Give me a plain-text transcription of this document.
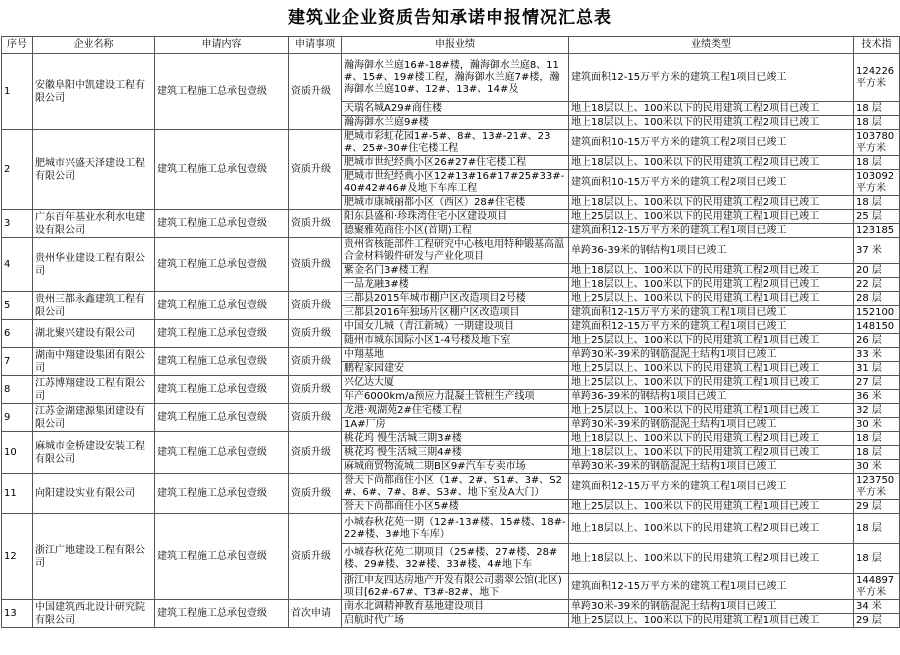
建筑业企业资质告知承诺申报情况汇总表
序号	企业名称	申请内容	申请事项	申报业绩	业绩类型	技术指
1	安徽阜阳中凯建设工程有限公司	建筑工程施工总承包壹级	资质升级	瀚海御水兰庭16#-18#楼，瀚海御水兰庭8、11#、15#、19#楼工程，瀚海御水兰庭7#楼，瀚海御水兰庭10#、12#、13#、14#及	建筑面积12-15万平方米的建筑工程1项目已竣工	124226平方米
				天瑞名城A29#商住楼	地上18层以上、100米以下的民用建筑工程2项目已竣工	18 层
				瀚海御水兰庭9#楼	地上18层以上、100米以下的民用建筑工程2项目已竣工	18 层
2	肥城市兴盛天泽建设工程有限公司	建筑工程施工总承包壹级	资质升级	肥城市彩虹花园1#-5#、8#、13#-21#、23#、25#-30#住宅楼工程	建筑面积10-15万平方米的建筑工程2项目已竣工	103780平方米
				肥城市世纪经典小区26#27#住宅楼工程	地上18层以上、100米以下的民用建筑工程2项目已竣工	18 层
				肥城市世纪经典小区12#13#16#17#25#33#-40#42#46#及地下车库工程	建筑面积10-15万平方米的建筑工程2项目已竣工	103092平方米
				肥城市康城丽都小区（西区）28#住宅楼	地上18层以上、100米以下的民用建筑工程2项目已竣工	18 层
3	广东百年基业水利水电建设有限公司	建筑工程施工总承包壹级	资质升级	阳东县盛和·珍珠湾住宅小区建设项目	地上25层以上、100米以下的民用建筑工程1项目已竣工	25 层
				德聚雅苑商住小区(首期)工程	建筑面积12-15万平方米的建筑工程1项目已竣工	123185
4	贵州华业建设工程有限公司	建筑工程施工总承包壹级	资质升级	贵州省核能部件工程研究中心核电用特种锻基高温合金材料锻件研发与产业化项目	单跨36-39米的钢结构1项目已竣工	37 米
				紫金名门3#楼工程	地上18层以上、100米以下的民用建筑工程2项目已竣工	20 层
				一品龙融3#楼	地上18层以上、100米以下的民用建筑工程2项目已竣工	22 层
5	贵州三都永鑫建筑工程有限公司	建筑工程施工总承包壹级	资质升级	三都县2015年城市棚户区改造项目2号楼	地上25层以上、100米以下的民用建筑工程1项目已竣工	28 层
				三都县2016年独场片区棚户区改造项目	建筑面积12-15万平方米的建筑工程1项目已竣工	152100
6	湖北聚兴建设有限公司	建筑工程施工总承包壹级	资质升级	中国女儿城（青江新城）一期建设项目	建筑面积12-15万平方米的建筑工程1项目已竣工	148150
				随州市城东国际小区1-4号楼及地下室	地上25层以上、100米以下的民用建筑工程1项目已竣工	26 层
7	湖南中翔建设集团有限公司	建筑工程施工总承包壹级	资质升级	中翔基地	单跨30米-39米的钢筋混泥土结构1项目已竣工	33 米
				鹏程家园建安	地上25层以上、100米以下的民用建筑工程1项目已竣工	31 层
8	江苏博翔建设工程有限公司	建筑工程施工总承包壹级	资质升级	兴亿达大厦	地上25层以上、100米以下的民用建筑工程1项目已竣工	27 层
				年产6000km/a预应力混凝土管桩生产线项	单跨36-39米的钢结构1项目已竣工	36 米
9	江苏金湖建源集团建设有限公司	建筑工程施工总承包壹级	资质升级	龙港·观湖苑2#住宅楼工程	地上25层以上、100米以下的民用建筑工程1项目已竣工	32 层
				1A#厂房	单跨30米-39米的钢筋混泥土结构1项目已竣工	30 米
10	麻城市金桥建设安装工程有限公司	建筑工程施工总承包壹级	资质升级	桃花坞 慢生活城三期3#楼	地上18层以上、100米以下的民用建筑工程2项目已竣工	18 层
				桃花坞 慢生活城三期4#楼	地上18层以上、100米以下的民用建筑工程2项目已竣工	18 层
				麻城商贸物流城二期B区9#汽车专卖市场	单跨30米-39米的钢筋混泥土结构1项目已竣工	30 米
11	向阳建设实业有限公司	建筑工程施工总承包壹级	资质升级	誉天下尚都商住小区（1#、2#、S1#、3#、S2#、6#、7#、8#、S3#、地下室及A大门）	建筑面积12-15万平方米的建筑工程1项目已竣工	123750平方米
				誉天下尚都商住小区5#楼	地上25层以上、100米以下的民用建筑工程1项目已竣工	29 层
12	浙江广地建设工程有限公司	建筑工程施工总承包壹级	资质升级	小城春秋花苑一期（12#-13#楼、15#楼、18#-22#楼、3#地下车库）	地上18层以上、100米以下的民用建筑工程2项目已竣工	18 层
				小城春秋花苑二期项目（25#楼、27#楼、28#楼、29#楼、32#楼、33#楼、4#地下车	地上18层以上、100米以下的民用建筑工程2项目已竣工	18 层
				浙江申友四达房地产开发有限公司翡翠公馆(北区)项目[62#-67#、T3#-82#、地下	建筑面积12-15万平方米的建筑工程1项目已竣工	144897平方米
13	中国建筑西北设计研究院有限公司	建筑工程施工总承包壹级	首次申请	南水北调精神教育基地建设项目	单跨30米-39米的钢筋混泥土结构1项目已竣工	34 米
				启航时代广场	地上25层以上、100米以下的民用建筑工程1项目已竣工	29 层
